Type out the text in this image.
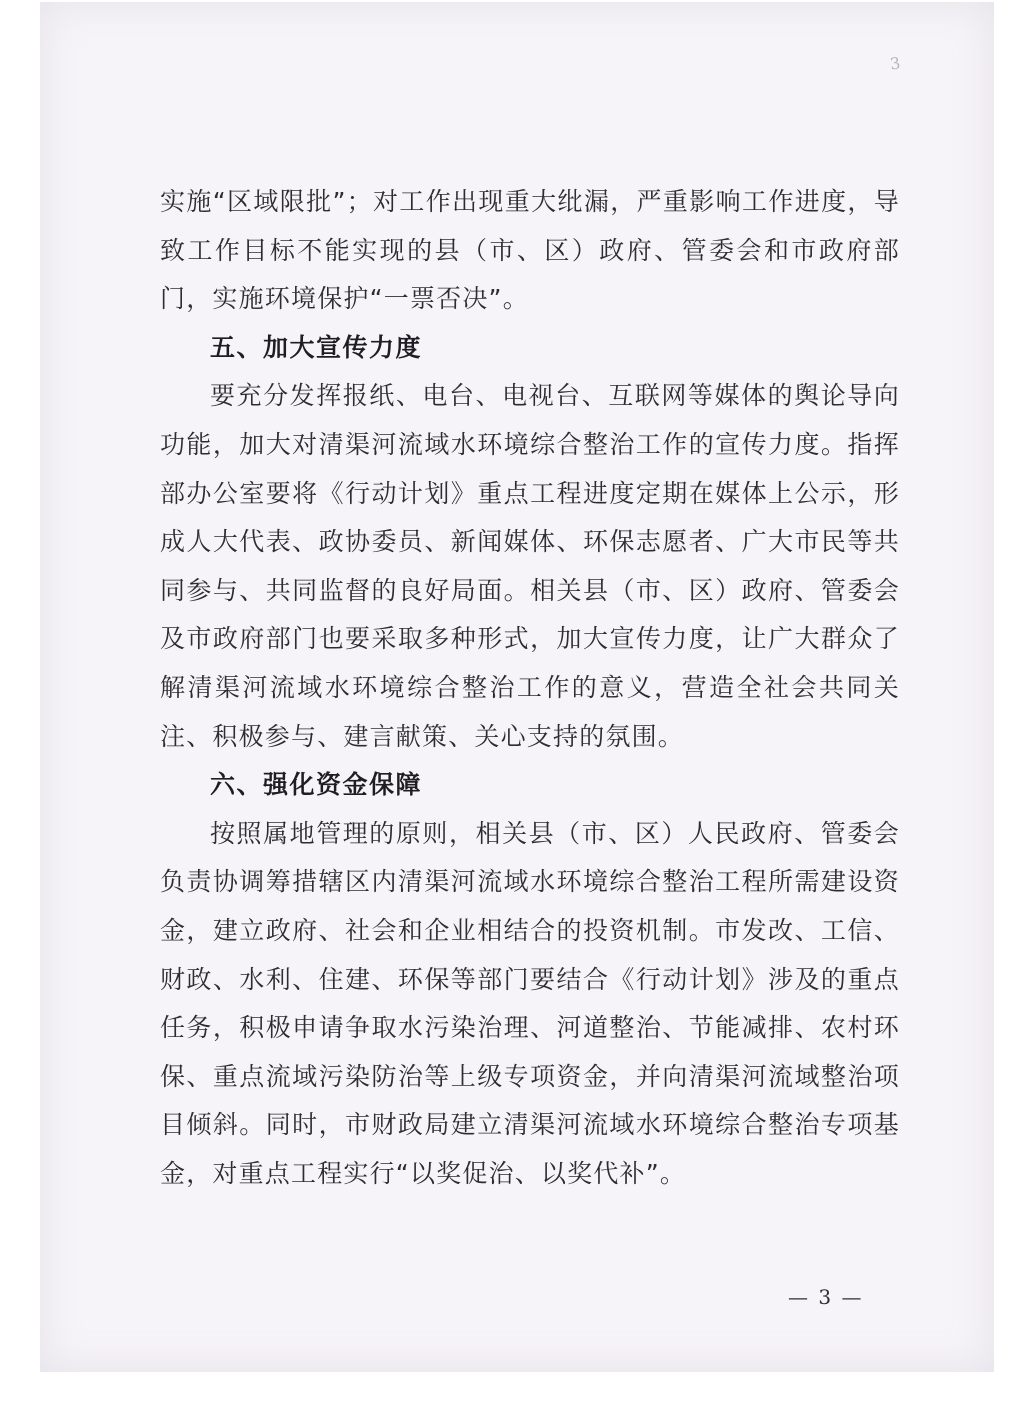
3

实施“区域限批”；对工作出现重大纰漏，严重影响工作进度，导致工作目标不能实现的县（市、区）政府、管委会和市政府部门，实施环境保护“一票否决”。

五、加大宣传力度

要充分发挥报纸、电台、电视台、互联网等媒体的舆论导向功能，加大对清渠河流域水环境综合整治工作的宣传力度。指挥部办公室要将《行动计划》重点工程进度定期在媒体上公示，形成人大代表、政协委员、新闻媒体、环保志愿者、广大市民等共同参与、共同监督的良好局面。相关县（市、区）政府、管委会及市政府部门也要采取多种形式，加大宣传力度，让广大群众了解清渠河流域水环境综合整治工作的意义，营造全社会共同关注、积极参与、建言献策、关心支持的氛围。

六、强化资金保障

按照属地管理的原则，相关县（市、区）人民政府、管委会负责协调筹措辖区内清渠河流域水环境综合整治工程所需建设资金，建立政府、社会和企业相结合的投资机制。市发改、工信、财政、水利、住建、环保等部门要结合《行动计划》涉及的重点任务，积极申请争取水污染治理、河道整治、节能减排、农村环保、重点流域污染防治等上级专项资金，并向清渠河流域整治项目倾斜。同时，市财政局建立清渠河流域水环境综合整治专项基金，对重点工程实行“以奖促治、以奖代补”。

— 3 —
